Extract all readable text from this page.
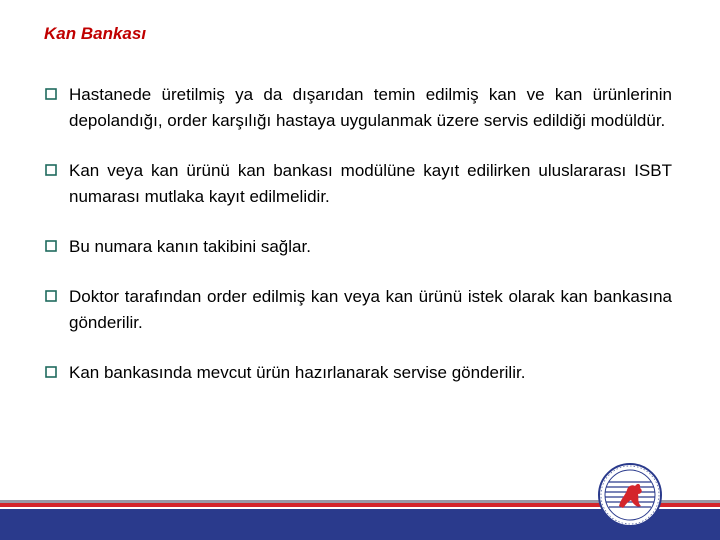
Kan Bankası
Hastanede üretilmiş ya da dışarıdan temin edilmiş kan ve kan ürünlerinin depolandığı, order karşılığı hastaya uygulanmak üzere servis edildiği modüldür.
Kan veya kan ürünü kan bankası modülüne kayıt edilirken uluslararası ISBT numarası mutlaka kayıt edilmelidir.
Bu numara kanın takibini sağlar.
Doktor tarafından order edilmiş kan veya kan ürünü istek olarak kan bankasına gönderilir.
Kan bankasında mevcut ürün hazırlanarak servise gönderilir.
